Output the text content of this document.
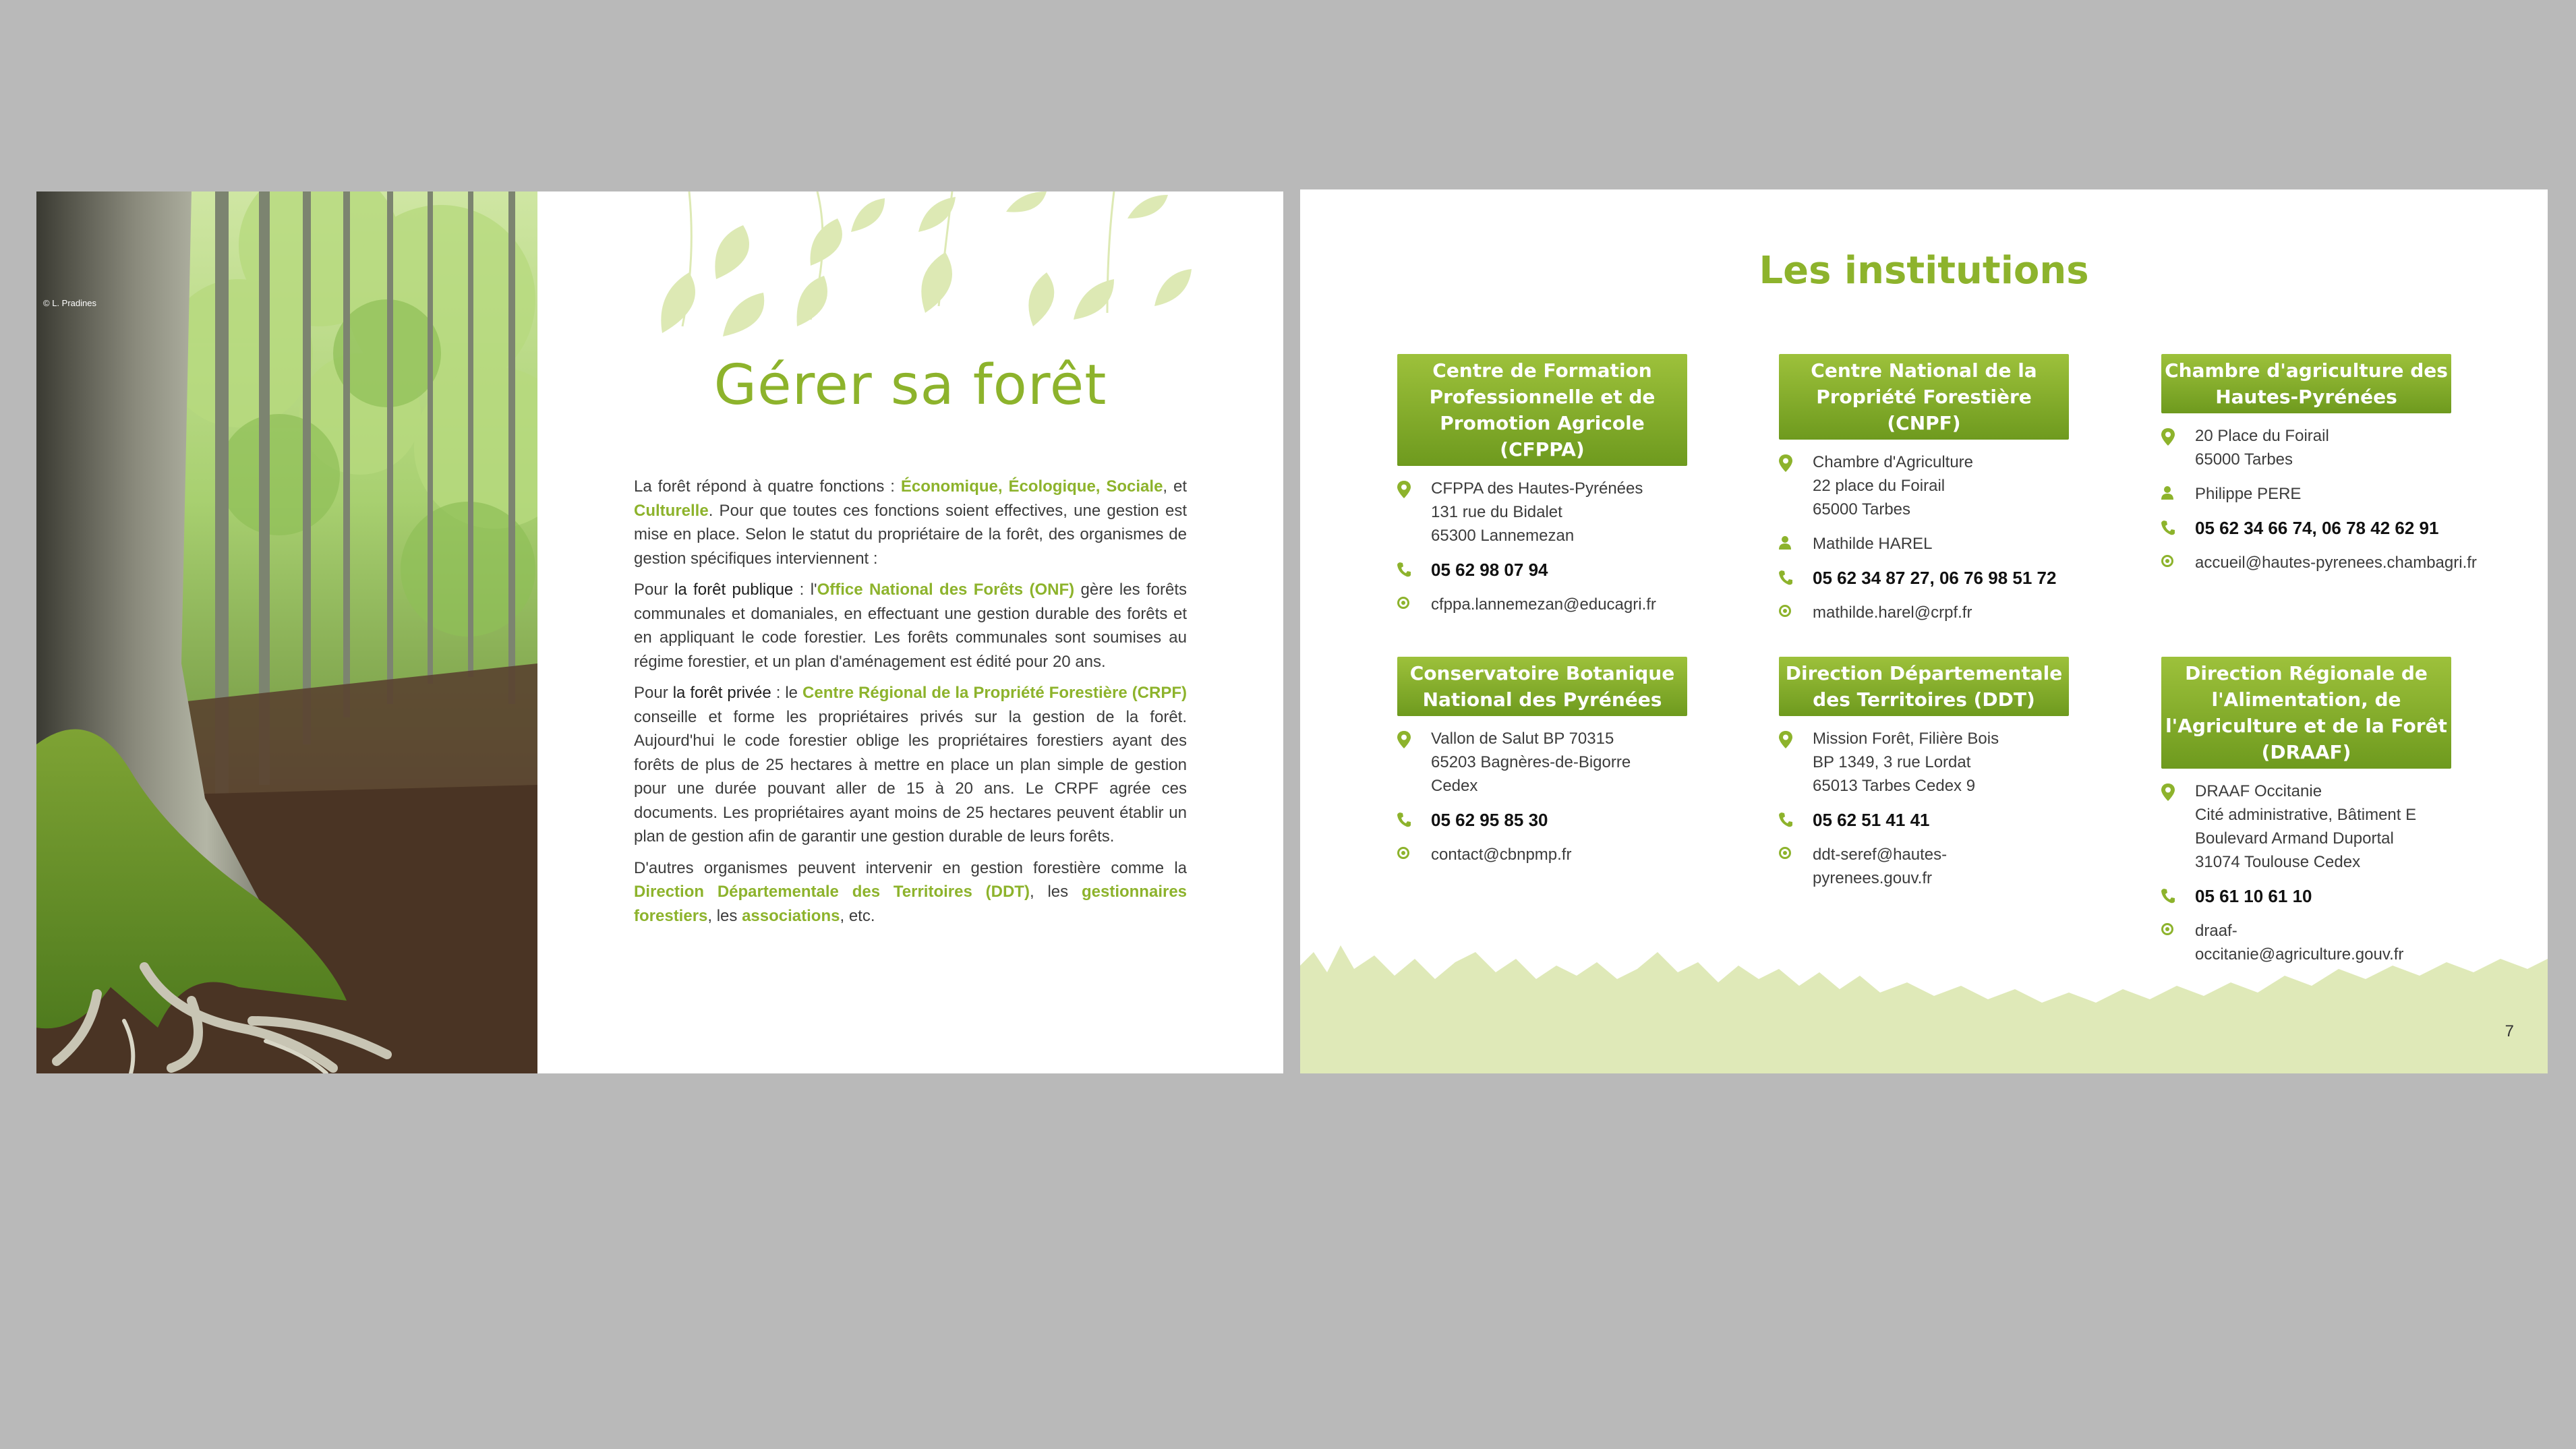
© L. Pradines
Gérer sa forêt

La forêt répond à quatre fonctions : Économique, Écologique, Sociale, et Culturelle. Pour que toutes ces fonctions soient effectives, une gestion est mise en place. Selon le statut du propriétaire de la forêt, des organismes de gestion spécifiques interviennent :

Pour la forêt publique : l'Office National des Forêts (ONF) gère les forêts communales et domaniales, en effectuant une gestion durable des forêts et en appliquant le code forestier. Les forêts communales sont soumises au régime forestier, et un plan d'aménagement est édité pour 20 ans.

Pour la forêt privée : le Centre Régional de la Propriété Forestière (CRPF) conseille et forme les propriétaires privés sur la gestion de la forêt. Aujourd'hui le code forestier oblige les propriétaires forestiers ayant des forêts de plus de 25 hectares à mettre en place un plan simple de gestion pour une durée pouvant aller de 15 à 20 ans. Le CRPF agrée ces documents. Les propriétaires ayant moins de 25 hectares peuvent établir un plan de gestion afin de garantir une gestion durable de leurs forêts.

D'autres organismes peuvent intervenir en gestion forestière comme la Direction Départementale des Territoires (DDT), les gestionnaires forestiers, les associations, etc.

Les institutions
Centre de Formation Professionnelle et de Promotion Agricole (CFPPA)
CFPPA des Hautes-Pyrénées
131 rue du Bidalet
65300 Lannemezan
05 62 98 07 94
cfppa.lannemezan@educagri.fr
Centre National de la Propriété Forestière (CNPF)
Chambre d'Agriculture
22 place du Foirail
65000 Tarbes
Mathilde HAREL
05 62 34 87 27, 06 76 98 51 72
mathilde.harel@crpf.fr
Chambre d'agriculture des Hautes-Pyrénées
20 Place du Foirail
65000 Tarbes
Philippe PERE
05 62 34 66 74, 06 78 42 62 91
accueil@hautes-pyrenees.chambagri.fr
Conservatoire Botanique National des Pyrénées
Vallon de Salut BP 70315
65203 Bagnères-de-Bigorre
Cedex
05 62 95 85 30
contact@cbnpmp.fr
Direction Départementale des Territoires (DDT)
Mission Forêt, Filière Bois
BP 1349, 3 rue Lordat
65013 Tarbes Cedex 9
05 62 51 41 41
ddt-seref@hautes-
pyrenees.gouv.fr
Direction Régionale de l'Alimentation, de l'Agriculture et de la Forêt (DRAAF)
DRAAF Occitanie
Cité administrative, Bâtiment E
Boulevard Armand Duportal
31074 Toulouse Cedex
05 61 10 61 10
draaf-
occitanie@agriculture.gouv.fr
7
